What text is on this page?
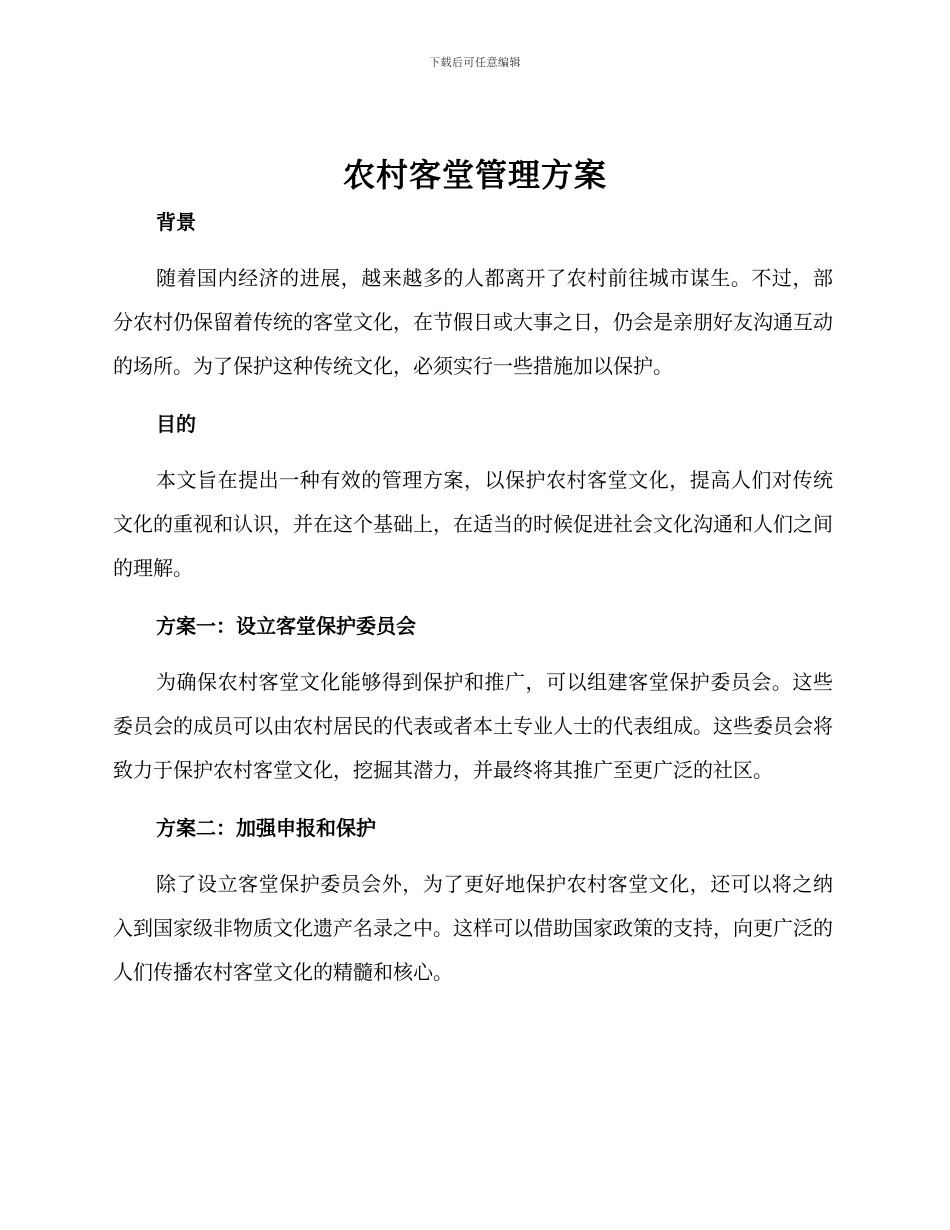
下载后可任意编辑
农村客堂管理方案

背景

随着国内经济的进展，越来越多的人都离开了农村前往城市谋生。不过，部分农村仍保留着传统的客堂文化，在节假日或大事之日，仍会是亲朋好友沟通互动的场所。为了保护这种传统文化，必须实行一些措施加以保护。

目的

本文旨在提出一种有效的管理方案，以保护农村客堂文化，提高人们对传统文化的重视和认识，并在这个基础上，在适当的时候促进社会文化沟通和人们之间的理解。

方案一：设立客堂保护委员会

为确保农村客堂文化能够得到保护和推广，可以组建客堂保护委员会。这些委员会的成员可以由农村居民的代表或者本土专业人士的代表组成。这些委员会将致力于保护农村客堂文化，挖掘其潜力，并最终将其推广至更广泛的社区。

方案二：加强申报和保护

除了设立客堂保护委员会外，为了更好地保护农村客堂文化，还可以将之纳入到国家级非物质文化遗产名录之中。这样可以借助国家政策的支持，向更广泛的人们传播农村客堂文化的精髓和核心。
